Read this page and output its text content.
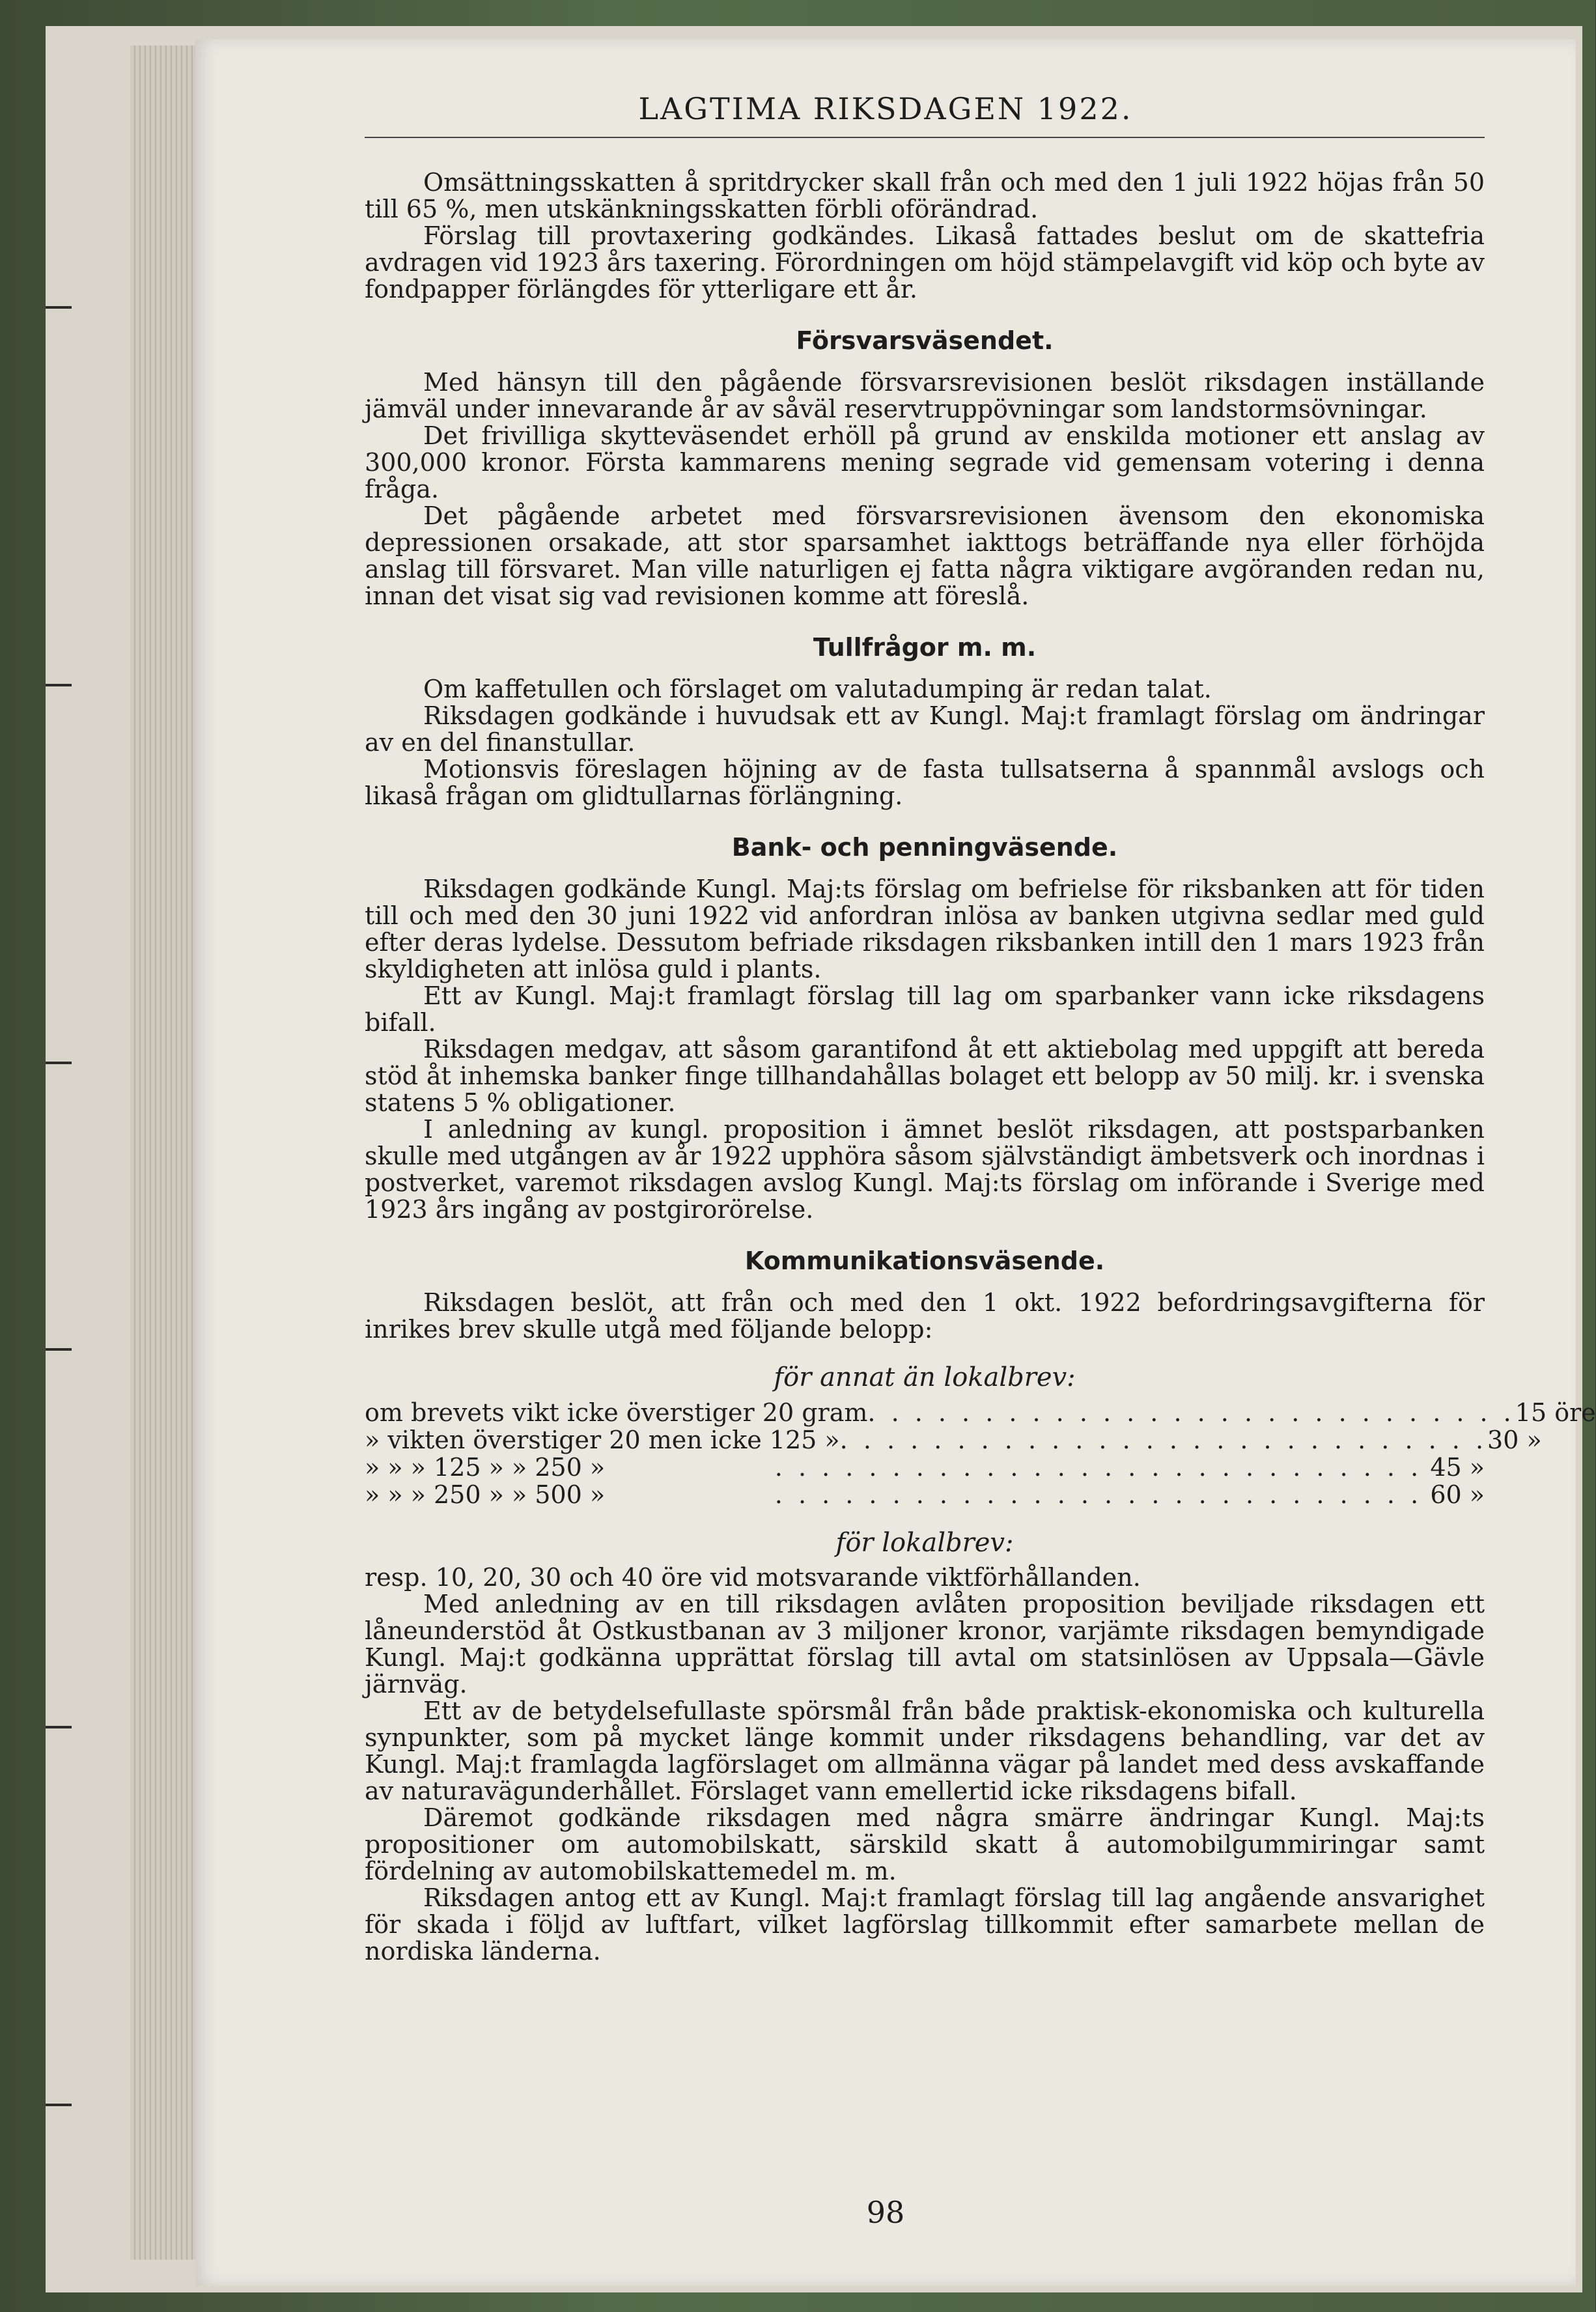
LAGTIMA RIKSDAGEN 1922.

Omsättningsskatten å spritdrycker skall från och med den 1 juli 1922 höjas från 50 till 65 %, men utskänkningsskatten förbli oförändrad.

Förslag till provtaxering godkändes. Likaså fattades beslut om de skattefria avdragen vid 1923 års taxering. Förordningen om höjd stämpelavgift vid köp och byte av fondpapper förlängdes för ytterligare ett år.

Försvarsväsendet.

Med hänsyn till den pågående försvarsrevisionen beslöt riksdagen inställande jämväl under innevarande år av såväl reservtruppövningar som landstormsövningar.

Det frivilliga skytteväsendet erhöll på grund av enskilda motioner ett anslag av 300,000 kronor. Första kammarens mening segrade vid gemensam votering i denna fråga.

Det pågående arbetet med försvarsrevisionen ävensom den ekonomiska depressionen orsakade, att stor sparsamhet iakttogs beträffande nya eller förhöjda anslag till försvaret. Man ville naturligen ej fatta några viktigare avgöranden redan nu, innan det visat sig vad revisionen komme att föreslå.

Tullfrågor m. m.

Om kaffetullen och förslaget om valutadumping är redan talat.

Riksdagen godkände i huvudsak ett av Kungl. Maj:t framlagt förslag om ändringar av en del finanstullar.

Motionsvis föreslagen höjning av de fasta tullsatserna å spannmål avslogs och likaså frågan om glidtullarnas förlängning.

Bank- och penningväsende.

Riksdagen godkände Kungl. Maj:ts förslag om befrielse för riksbanken att för tiden till och med den 30 juni 1922 vid anfordran inlösa av banken utgivna sedlar med guld efter deras lydelse. Dessutom befriade riksdagen riksbanken intill den 1 mars 1923 från skyldigheten att inlösa guld i plants.

Ett av Kungl. Maj:t framlagt förslag till lag om sparbanker vann icke riksdagens bifall.

Riksdagen medgav, att såsom garantifond åt ett aktiebolag med uppgift att bereda stöd åt inhemska banker finge tillhandahållas bolaget ett belopp av 50 milj. kr. i svenska statens 5 % obligationer.

I anledning av kungl. proposition i ämnet beslöt riksdagen, att postsparbanken skulle med utgången av år 1922 upphöra såsom självständigt ämbetsverk och inordnas i postverket, varemot riksdagen avslog Kungl. Maj:ts förslag om införande i Sverige med 1923 års ingång av postgirorörelse.

Kommunikationsväsende.

Riksdagen beslöt, att från och med den 1 okt. 1922 befordringsavgifterna för inrikes brev skulle utgå med följande belopp:

för annat än lokalbrev:
om brevets vikt icke överstiger 20 gram . . . . . . . . . . . . . . . . . . . . . . . . . . . . 15 öre
» vikten överstiger 20 men icke 125 » . . . . . . . . . . . . . . . . . . . . . . . . . . . . 30 »
» » » 125 » » 250 »	. . . . . . . . . . . . . . . . . . . . . . . . . . . . 45 »
» » » 250 » » 500 »	. . . . . . . . . . . . . . . . . . . . . . . . . . . . 60 »
för lokalbrev:

resp. 10, 20, 30 och 40 öre vid motsvarande viktförhållanden.

Med anledning av en till riksdagen avlåten proposition beviljade riksdagen ett låneunderstöd åt Ostkustbanan av 3 miljoner kronor, varjämte riksdagen bemyndigade Kungl. Maj:t godkänna upprättat förslag till avtal om statsinlösen av Uppsala—Gävle järnväg.

Ett av de betydelsefullaste spörsmål från både praktisk-ekonomiska och kulturella synpunkter, som på mycket länge kommit under riksdagens behandling, var det av Kungl. Maj:t framlagda lagförslaget om allmänna vägar på landet med dess avskaffande av naturavägunderhållet. Förslaget vann emellertid icke riksdagens bifall.

Däremot godkände riksdagen med några smärre ändringar Kungl. Maj:ts propositioner om automobilskatt, särskild skatt å automobilgummiringar samt fördelning av automobilskattemedel m. m.

Riksdagen antog ett av Kungl. Maj:t framlagt förslag till lag angående ansvarighet för skada i följd av luftfart, vilket lagförslag tillkommit efter samarbete mellan de nordiska länderna.

98
